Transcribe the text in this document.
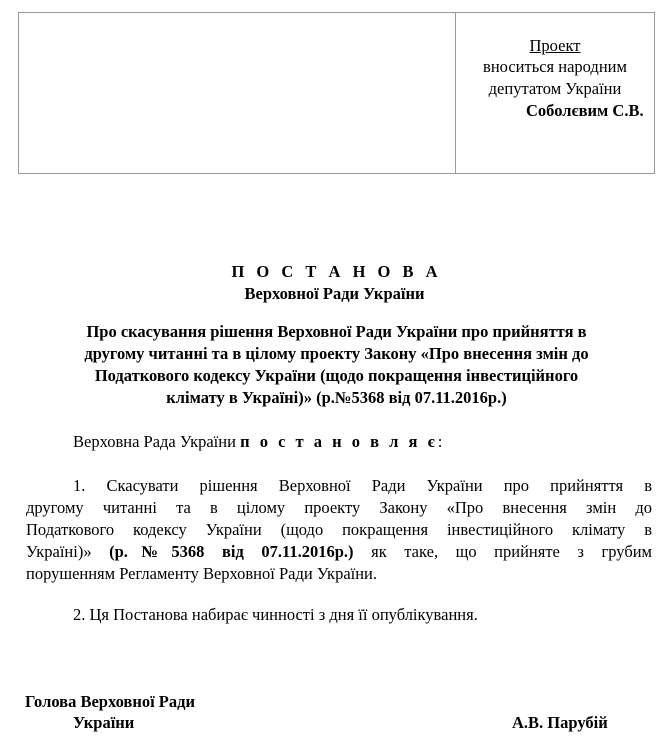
Проект
вноситься народним
депутатом України
Соболєвим С.В.
П О С Т А Н О В А
Верховної Ради України
Про скасування рішення Верховної Ради України про прийняття в
другому читанні та в цілому проекту Закону «Про внесення змін до
Податкового кодексу України (щодо покращення інвестиційного
клімату в Україні)» (р.№5368 від 07.11.2016р.)
Верховна Рада України п о с т а н о в л я є:
1. Скасувати рішення Верховної Ради України про прийняття в
другому читанні та в цілому проекту Закону «Про внесення змін до
Податкового кодексу України (щодо покращення інвестиційного клімату в
Україні)» (р.№5368 від 07.11.2016р.) як таке, що прийняте з грубим
порушенням Регламенту Верховної Ради України.
2. Ця Постанова набирає чинності з дня її опублікування.
Голова Верховної Ради
України	А.В. Парубій
